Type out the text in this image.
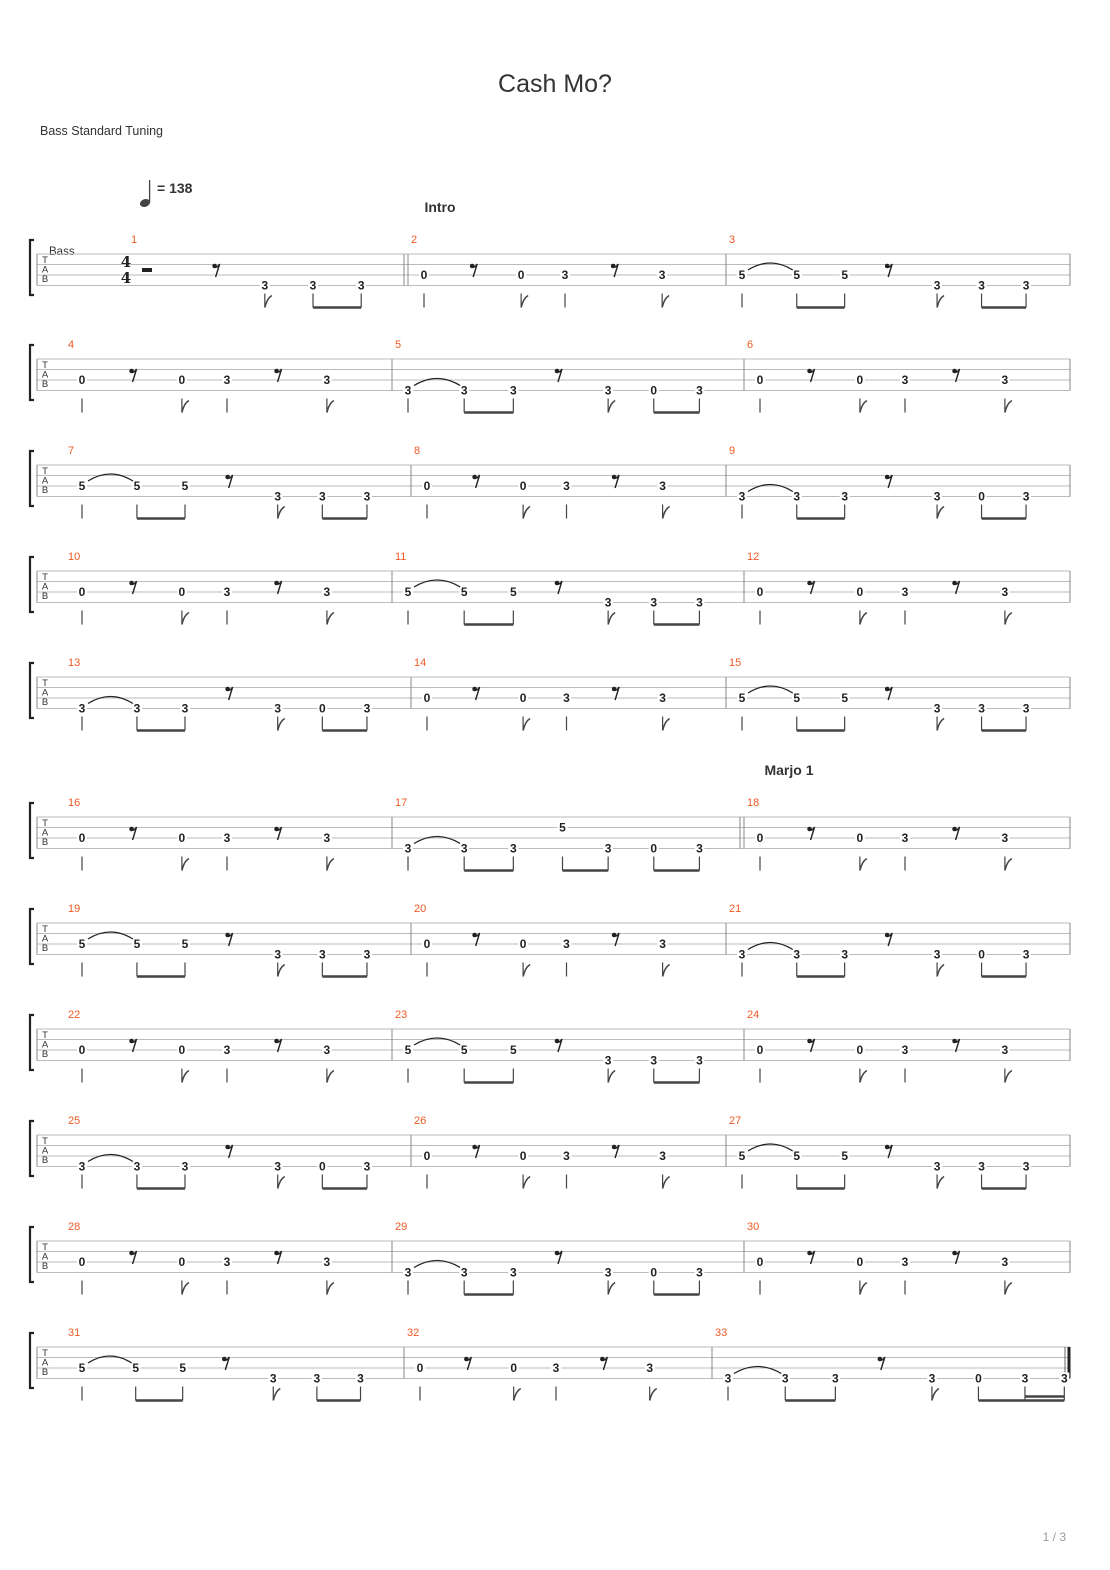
Cash Mo?
Bass Standard Tuning
1 / 3
= 138
Intro
Marjo 1
Bass
T
A
B
4
4
1
3	3	3
2
0	0	3	3
3
5	5	5
3	3	3
T
A
B
4
0	0	3	3
5
3	3	3	3	0	3
6
0	0	3	3
T
A
B
7
5	5	5
3	3	3
8
0	0	3	3
9
3	3	3	3	0	3
T
A
B
10
0	0	3	3
11
5	5	5
3	3	3
12
0	0	3	3
T
A
B
13
3	3	3	3	0	3
14
0	0	3	3
15
5	5	5
3	3	3
T
A
B
16
0	0	3	3
17
3	3	3
5
3	0	3
18
0	0	3	3
T
A
B
19
5	5	5
3	3	3
20
0	0	3	3
21
3	3	3	3	0	3
T
A
B
22
0	0	3	3
23
5	5	5
3	3	3
24
0	0	3	3
T
A
B
25
3	3	3	3	0	3
26
0	0	3	3
27
5	5	5
3	3	3
T
A
B
28
0	0	3	3
29
3	3	3	3	0	3
30
0	0	3	3
T
A
B
31
5	5	5
3	3	3
32
0	0	3	3
33
3	3	3	3	0	3	3
